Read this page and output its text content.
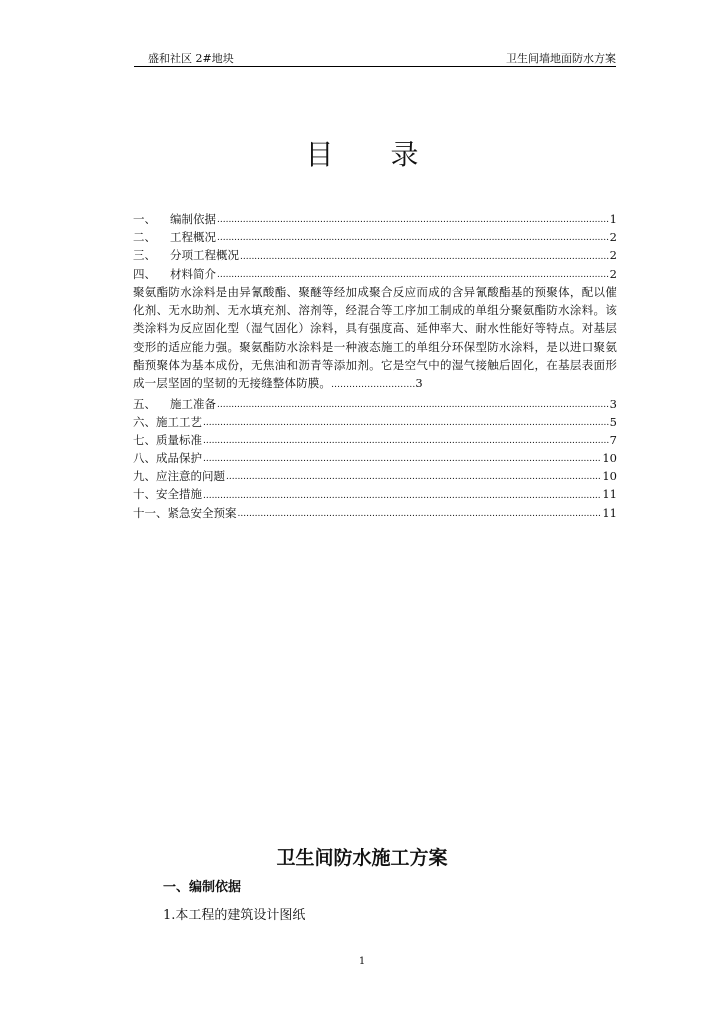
盛和社区 2#地块	卫生间墙地面防水方案
目 录
一、 编制依据 .....	1
二、 工程概况 .....	2
三、 分项工程概况 .....	2
四、 材料简介 .....	2
聚氨酯防水涂料是由异氰酸酯、聚醚等经加成聚合反应而成的含异氰酸酯基的预聚体，配以催化剂、无水助剂、无水填充剂、溶剂等，经混合等工序加工制成的单组分聚氨酯防水涂料。该类涂料为反应固化型（湿气固化）涂料，具有强度高、延伸率大、耐水性能好等特点。对基层变形的适应能力强。聚氨酯防水涂料是一种液态施工的单组分环保型防水涂料，是以进口聚氨酯预聚体为基本成份，无焦油和沥青等添加剂。它是空气中的湿气接触后固化，在基层表面形成一层坚固的坚韧的无接缝整体防膜。............................3
五、 施工准备 .....	3
六、 施工工艺 .....	5
七、 质量标准 .....	7
八、 成品保护 .....	10
九、 应注意的问题 .....	10
十、 安全措施 .....	11
十一、 紧急安全预案 .....	11
卫生间防水施工方案
一、编制依据
1.本工程的建筑设计图纸
1
